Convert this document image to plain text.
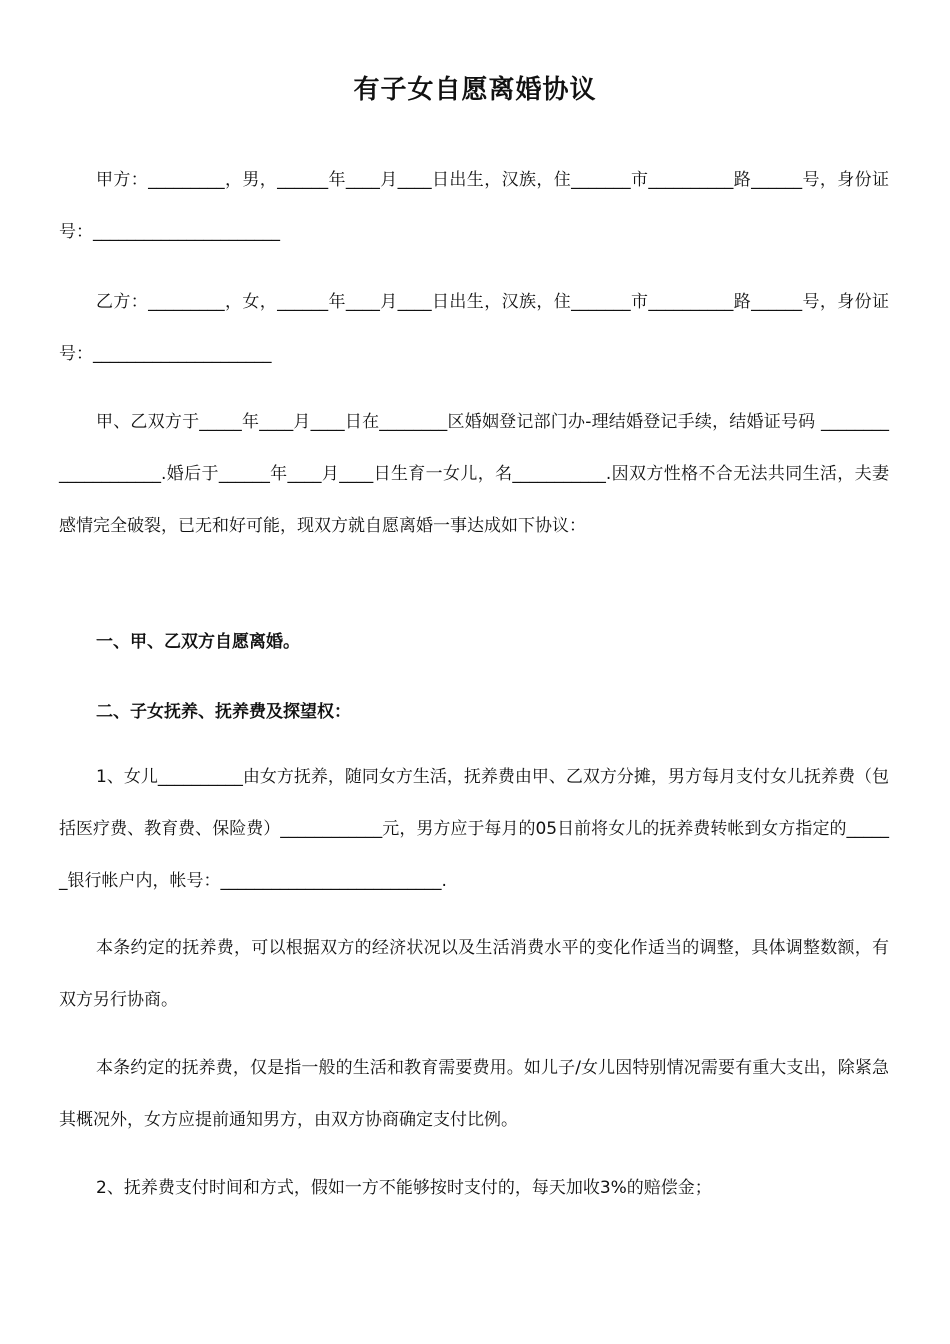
有子女自愿离婚协议
甲方：_________，男，______年____月____日出生，汉族，住_______市__________路______号，身份证号：______________________
乙方：_________，女，______年____月____日出生，汉族，住_______市__________路______号，身份证号：_____________________
甲、乙双方于_____年____月____日在________区婚姻登记部门办-理结婚登记手续，结婚证号码 ____________________.婚后于______年____月____日生育一女儿，名___________.因双方性格不合无法共同生活，夫妻感情完全破裂，已无和好可能，现双方就自愿离婚一事达成如下协议：
一、甲、乙双方自愿离婚。
二、子女抚养、抚养费及探望权：
1、女儿__________由女方抚养，随同女方生活，抚养费由甲、乙双方分摊，男方每月支付女儿抚养费（包括医疗费、教育费、保险费）____________元，男方应于每月的05日前将女儿的抚养费转帐到女方指定的______银行帐户内，帐号：__________________________.
本条约定的抚养费，可以根据双方的经济状况以及生活消费水平的变化作适当的调整，具体调整数额，有双方另行协商。
本条约定的抚养费，仅是指一般的生活和教育需要费用。如儿子/女儿因特别情况需要有重大支出，除紧急其概况外，女方应提前通知男方，由双方协商确定支付比例。
2、抚养费支付时间和方式，假如一方不能够按时支付的，每天加收3%的赔偿金；
